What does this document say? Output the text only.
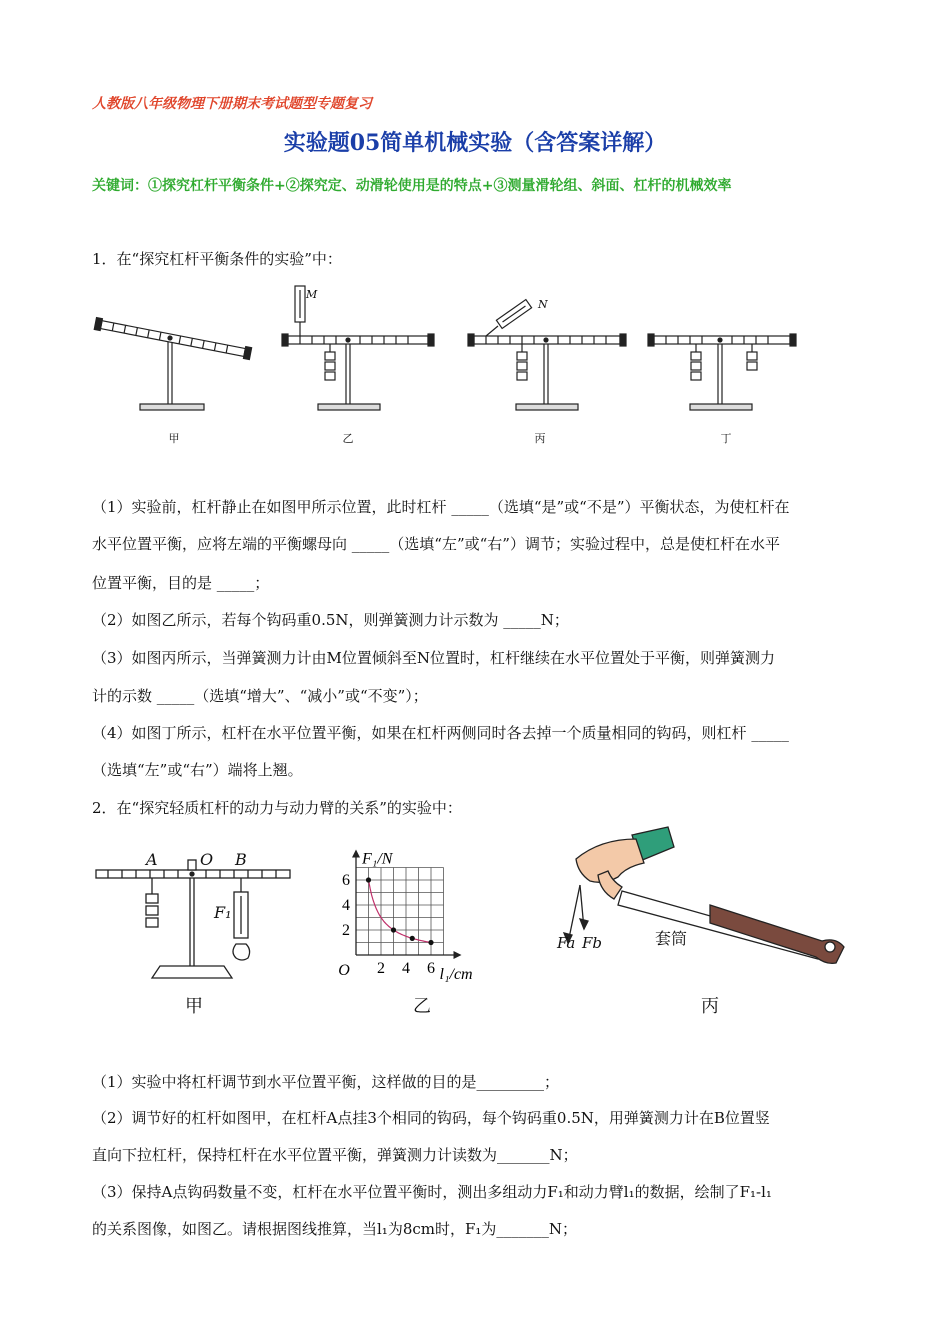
人教版八年级物理下册期末考试题型专题复习
实验题05简单机械实验（含答案详解）
关键词：①探究杠杆平衡条件+②探究定、动滑轮使用是的特点+③测量滑轮组、斜面、杠杆的机械效率
1．在“探究杠杆平衡条件的实验”中：
M
N
甲	乙	丙	丁
（1）实验前，杠杆静止在如图甲所示位置，此时杠杆 _____（选填“是”或“不是”）平衡状态，为使杠杆在
水平位置平衡，应将左端的平衡螺母向 _____（选填“左”或“右”）调节；实验过程中，总是使杠杆在水平
位置平衡，目的是 _____；
（2）如图乙所示，若每个钩码重0.5N，则弹簧测力计示数为 _____N；
（3）如图丙所示，当弹簧测力计由M位置倾斜至N位置时，杠杆继续在水平位置处于平衡，则弹簧测力
计的示数 _____（选填“增大”、“减小”或“不变”）；
（4）如图丁所示，杠杆在水平位置平衡，如果在杠杆两侧同时各去掉一个质量相同的钩码，则杠杆 _____
（选填“左”或“右”）端将上翘。
2．在“探究轻质杠杆的动力与动力臂的关系”的实验中：
A	O B
F₁
2 4 6
2
4
6
O
F₁/N
l₁/cm
Fa Fb	套筒
甲	乙	丙
（1）实验中将杠杆调节到水平位置平衡，这样做的目的是_________；
（2）调节好的杠杆如图甲，在杠杆A点挂3个相同的钩码，每个钩码重0.5N，用弹簧测力计在B位置竖
直向下拉杠杆，保持杠杆在水平位置平衡，弹簧测力计读数为_______N；
（3）保持A点钩码数量不变，杠杆在水平位置平衡时，测出多组动力F₁和动力臂l₁的数据，绘制了F₁-l₁
的关系图像，如图乙。请根据图线推算，当l₁为8cm时，F₁为_______N；
